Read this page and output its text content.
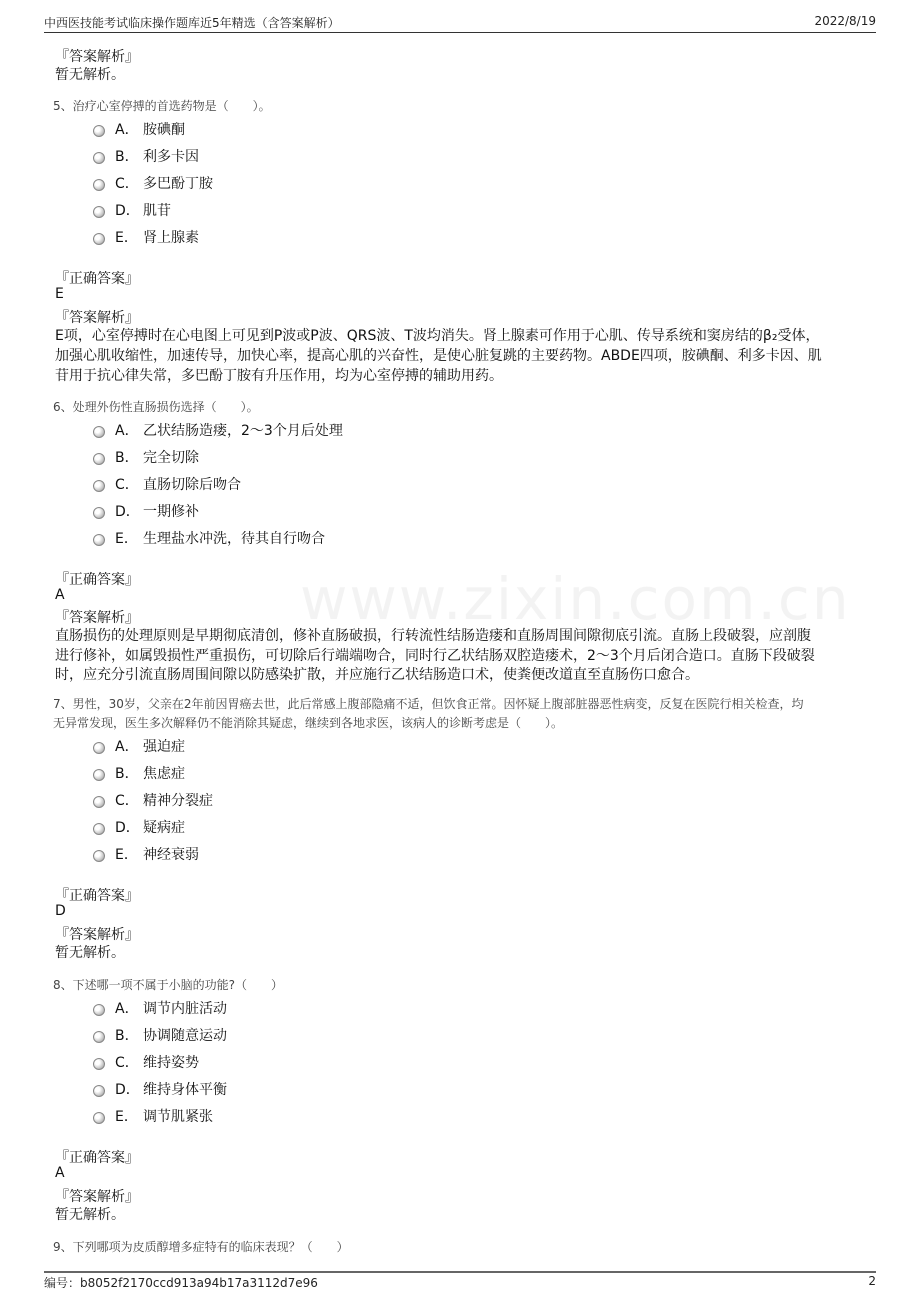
中西医技能考试临床操作题库近5年精选（含答案解析）	2022/8/19
www.zixin.com.cn
『答案解析』
暂无解析。
5、治疗心室停搏的首选药物是（　　）。
A． 胺碘酮
B． 利多卡因
C． 多巴酚丁胺
D． 肌苷
E． 肾上腺素
『正确答案』
E
『答案解析』
E项，心室停搏时在心电图上可见到P波或P波、QRS波、T波均消失。肾上腺素可作用于心肌、传导系统和窦房结的β₂受体，
加强心肌收缩性，加速传导，加快心率，提高心肌的兴奋性，是使心脏复跳的主要药物。ABDE四项，胺碘酮、利多卡因、肌
苷用于抗心律失常，多巴酚丁胺有升压作用，均为心室停搏的辅助用药。
6、处理外伤性直肠损伤选择（　　）。
A． 乙状结肠造瘘，2～3个月后处理
B． 完全切除
C． 直肠切除后吻合
D． 一期修补
E． 生理盐水冲洗，待其自行吻合
『正确答案』
A
『答案解析』
直肠损伤的处理原则是早期彻底清创，修补直肠破损，行转流性结肠造瘘和直肠周围间隙彻底引流。直肠上段破裂，应剖腹
进行修补，如属毁损性严重损伤，可切除后行端端吻合，同时行乙状结肠双腔造瘘术，2～3个月后闭合造口。直肠下段破裂
时，应充分引流直肠周围间隙以防感染扩散，并应施行乙状结肠造口术，使粪便改道直至直肠伤口愈合。
7、男性，30岁，父亲在2年前因胃癌去世，此后常感上腹部隐痛不适，但饮食正常。因怀疑上腹部脏器恶性病变，反复在医院行相关检查，均
无异常发现，医生多次解释仍不能消除其疑虑，继续到各地求医，该病人的诊断考虑是（　　）。
A． 强迫症
B． 焦虑症
C． 精神分裂症
D． 疑病症
E． 神经衰弱
『正确答案』
D
『答案解析』
暂无解析。
8、下述哪一项不属于小脑的功能?（　　）
A． 调节内脏活动
B． 协调随意运动
C． 维持姿势
D． 维持身体平衡
E． 调节肌紧张
『正确答案』
A
『答案解析』
暂无解析。
9、下列哪项为皮质醇增多症特有的临床表现？（　　）
编号：b8052f2170ccd913a94b17a3112d7e96	2
